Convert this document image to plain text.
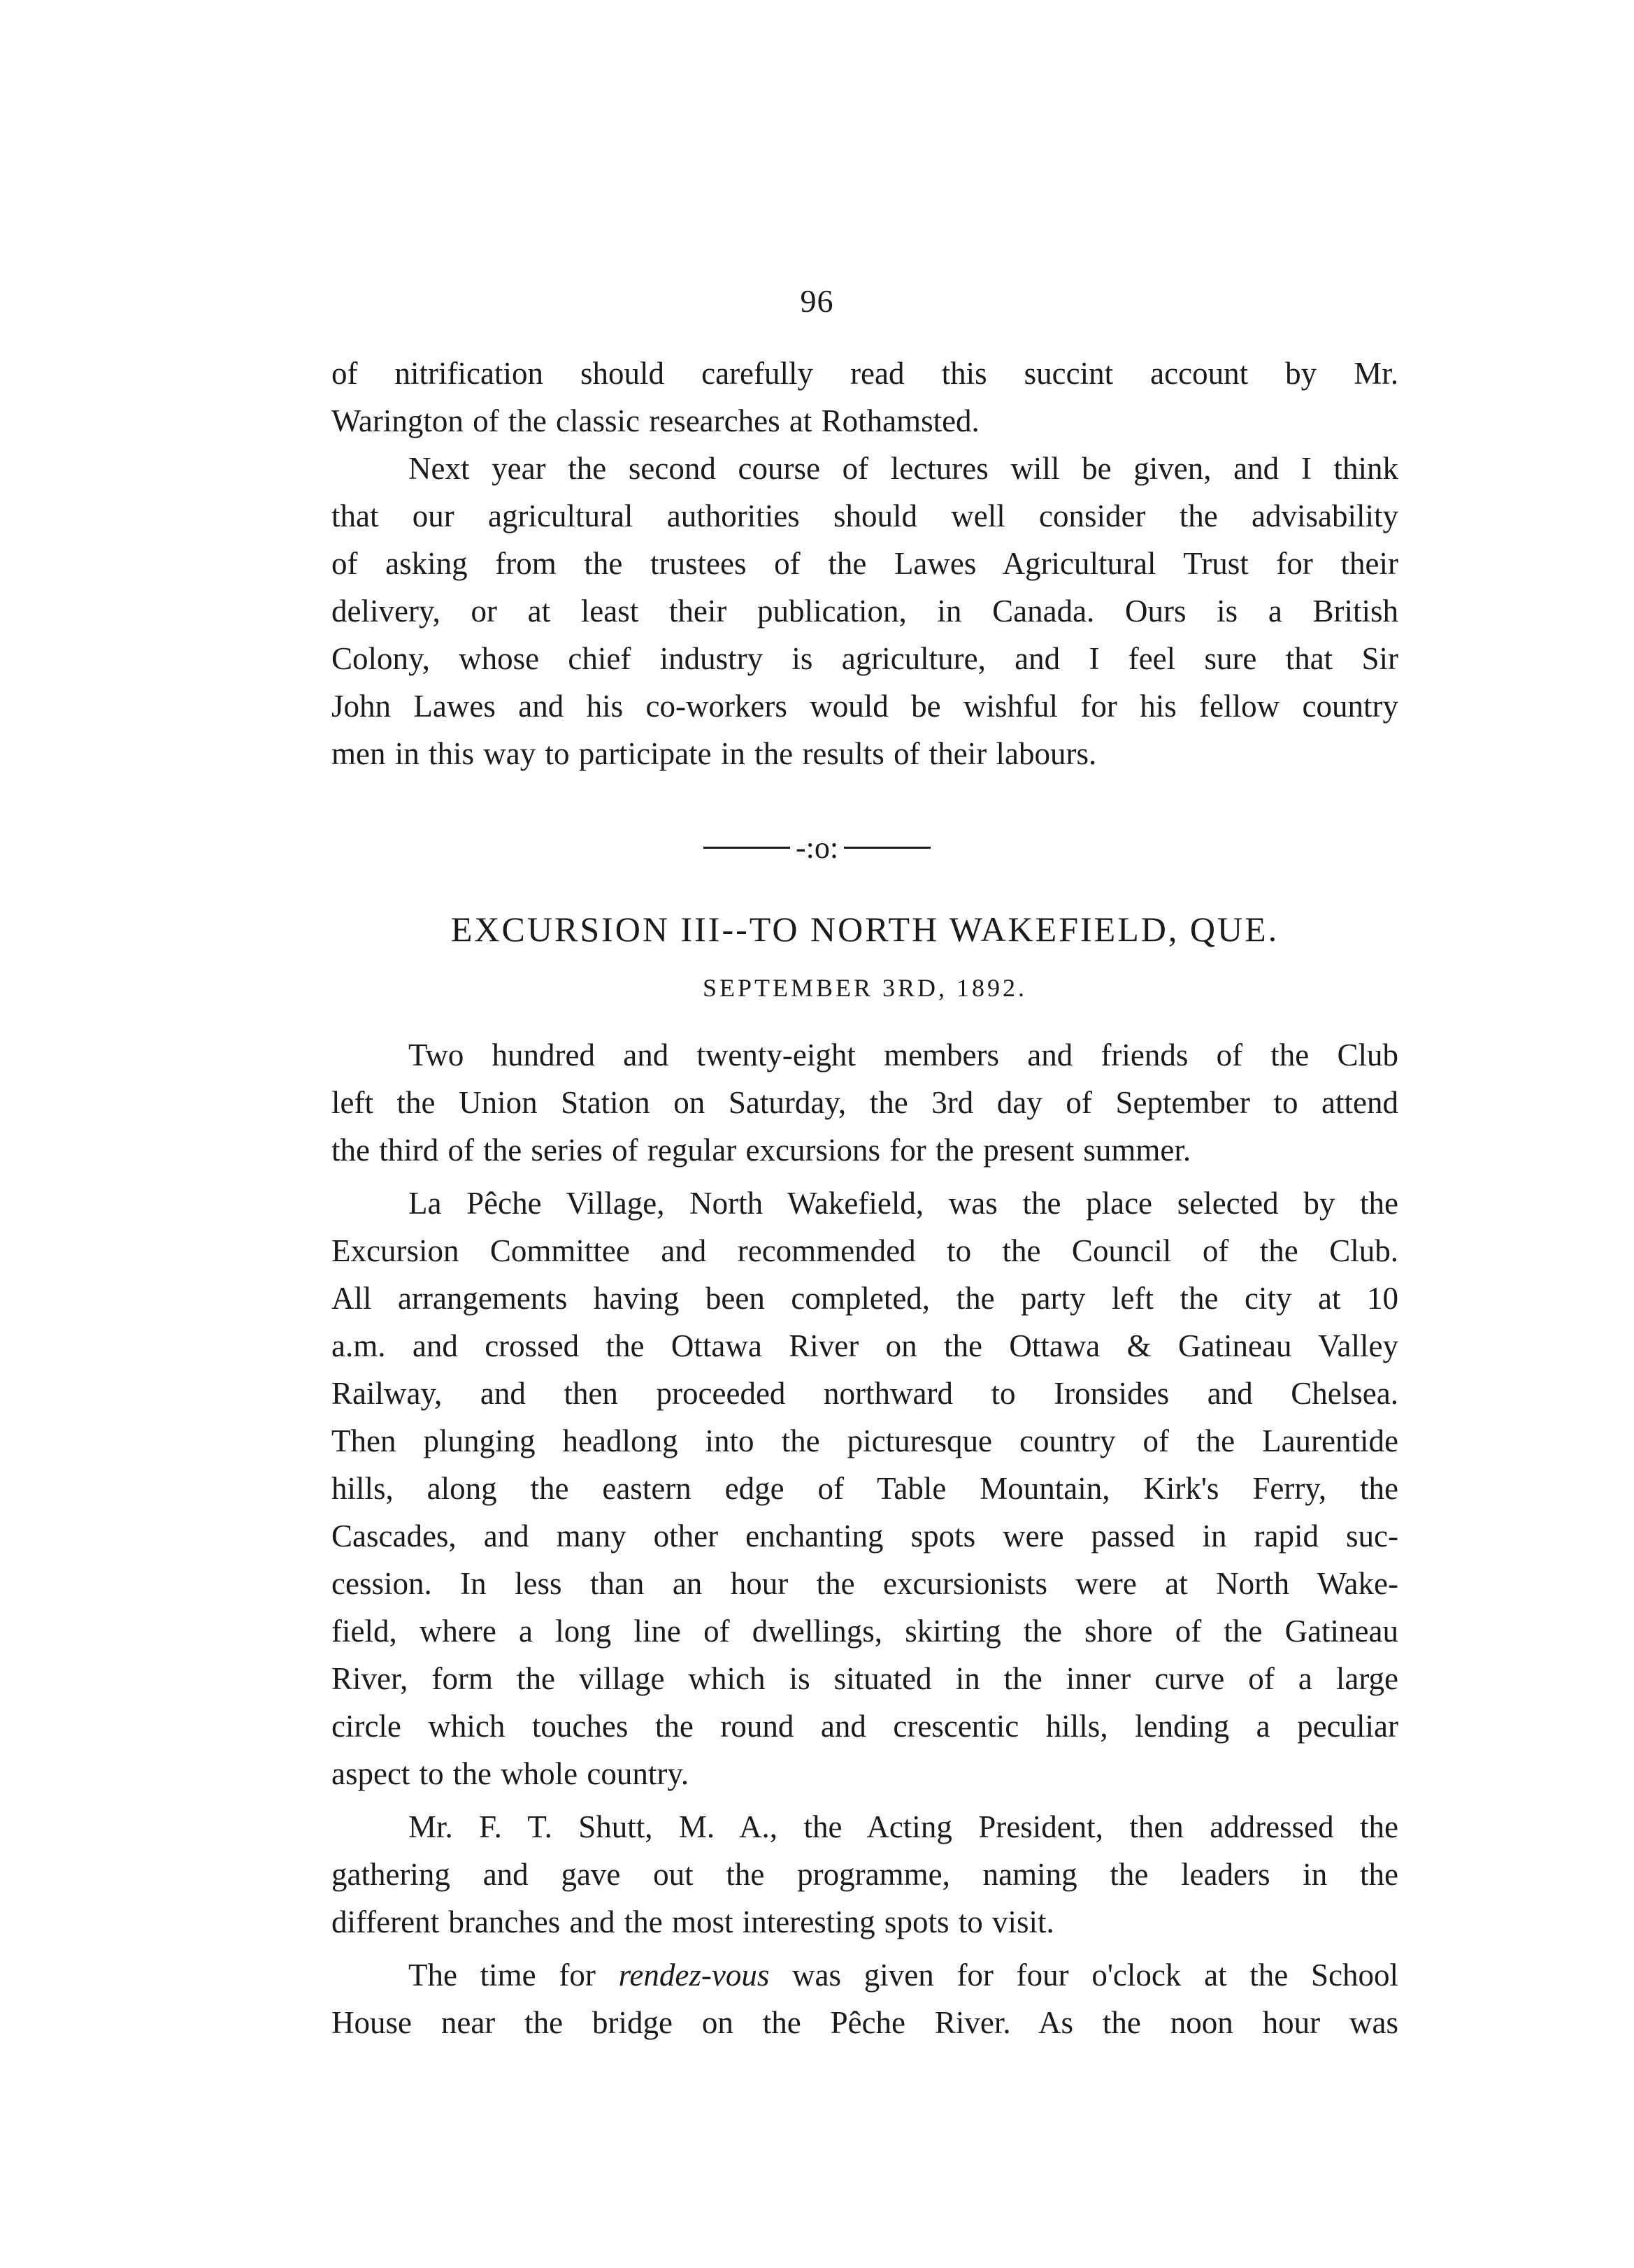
96

of nitrification should carefully read this succint account by Mr.
Warington of the classic researches at Rothamsted.

Next year the second course of lectures will be given, and I think
that our agricultural authorities should well consider the advisability
of asking from the trustees of the Lawes Agricultural Trust for their
delivery, or at least their publication, in Canada. Ours is a British
Colony, whose chief industry is agriculture, and I feel sure that Sir
John Lawes and his co-workers would be wishful for his fellow country
men in this way to participate in the results of their labours.

-:o:
EXCURSION III--TO NORTH WAKEFIELD, QUE.
SEPTEMBER 3RD, 1892.

Two hundred and twenty-eight members and friends of the Club
left the Union Station on Saturday, the 3rd day of September to attend
the third of the series of regular excursions for the present summer.

La Pêche Village, North Wakefield, was the place selected by the
Excursion Committee and recommended to the Council of the Club.
All arrangements having been completed, the party left the city at 10
a.m. and crossed the Ottawa River on the Ottawa & Gatineau Valley
Railway, and then proceeded northward to Ironsides and Chelsea.
Then plunging headlong into the picturesque country of the Laurentide
hills, along the eastern edge of Table Mountain, Kirk's Ferry, the
Cascades, and many other enchanting spots were passed in rapid suc-
cession. In less than an hour the excursionists were at North Wake-
field, where a long line of dwellings, skirting the shore of the Gatineau
River, form the village which is situated in the inner curve of a large
circle which touches the round and crescentic hills, lending a peculiar
aspect to the whole country.

Mr. F. T. Shutt, M. A., the Acting President, then addressed the
gathering and gave out the programme, naming the leaders in the
different branches and the most interesting spots to visit.

The time for rendez-vous was given for four o'clock at the School
House near the bridge on the Pêche River. As the noon hour was
